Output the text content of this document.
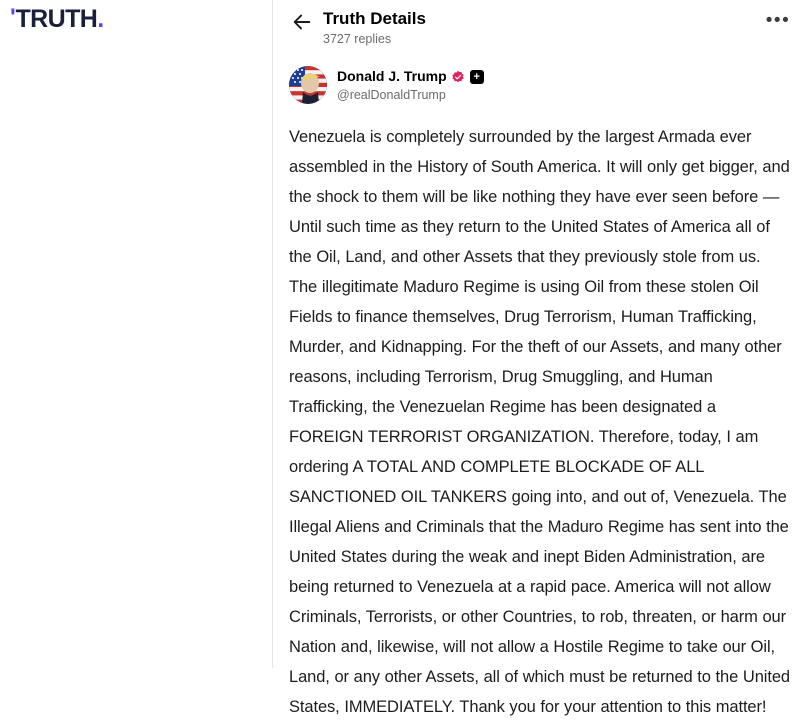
' TRUTH .	Truth Details
3727 replies
•••
Donald J. Trump	+
@realDonaldTrump
Venezuela is completely surrounded by the largest Armada ever assembled in the History of South America. It will only get bigger, and the shock to them will be like nothing they have ever seen before — Until such time as they return to the United States of America all of the Oil, Land, and other Assets that they previously stole from us. The illegitimate Maduro Regime is using Oil from these stolen Oil Fields to finance themselves, Drug Terrorism, Human Trafficking, Murder, and Kidnapping. For the theft of our Assets, and many other reasons, including Terrorism, Drug Smuggling, and Human Trafficking, the Venezuelan Regime has been designated a FOREIGN TERRORIST ORGANIZATION. Therefore, today, I am ordering A TOTAL AND COMPLETE BLOCKADE OF ALL SANCTIONED OIL TANKERS going into, and out of, Venezuela. The Illegal Aliens and Criminals that the Maduro Regime has sent into the United States during the weak and inept Biden Administration, are being returned to Venezuela at a rapid pace. America will not allow Criminals, Terrorists, or other Countries, to rob, threaten, or harm our Nation and, likewise, will not allow a Hostile Regime to take our Oil, Land, or any other Assets, all of which must be returned to the United States, IMMEDIATELY. Thank you for your attention to this matter!
